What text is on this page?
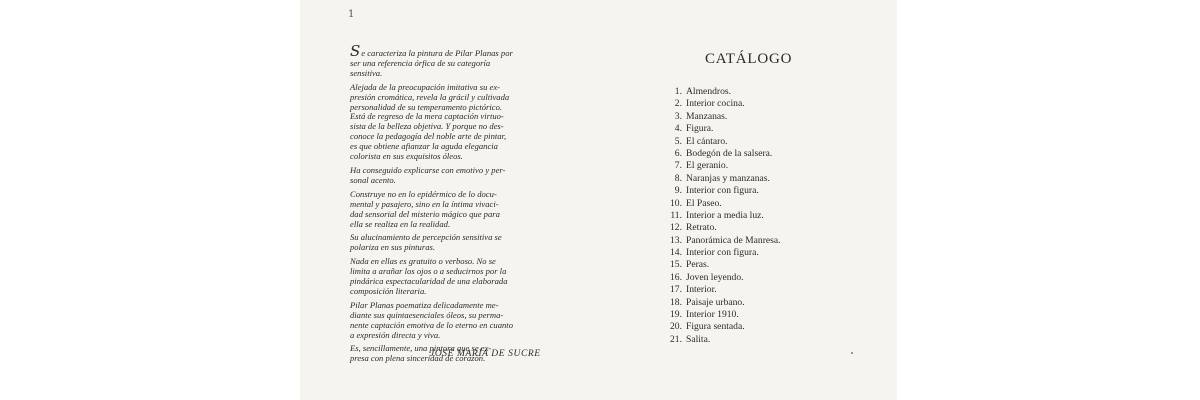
1
Se caracteriza la pintura de Pilar Planas por
ser una referencia órfica de su categoría
sensitiva.
Alejada de la preocupación imitativa su ex-
presión cromática, revela la grácil y cultivada
personalidad de su temperamento pictórico.
Está de regreso de la mera captación virtuo-
sista de la belleza objetiva. Y porque no des-
conoce la pedagogía del noble arte de pintar,
es que obtiene afianzar la aguda elegancia
colorista en sus exquisitos óleos.
Ha conseguido explicarse con emotivo y per-
sonal acento.
Construye no en lo epidérmico de lo docu-
mental y pasajero, sino en la íntima vivaci-
dad sensorial del misterio mágico que para
ella se realiza en la realidad.
Su alucinamiento de percepción sensitiva se
polariza en sus pinturas.
Nada en ellas es gratuito o verboso. No se
limita a arañar los ojos o a seducirnos por la
pindárica espectacularidad de una elaborada
composición literaria.
Pilar Planas poematiza delicadamente me-
diante sus quintaesenciales óleos, su perma-
nente captación emotiva de lo eterno en cuanto
a expresión directa y viva.
Es, sencillamente, una pintora que se ex-
presa con plena sinceridad de corazón.
JOSÉ MARÍA DE SUCRE
CATÁLOGO
1. Almendros.
2. Interior cocina.
3. Manzanas.
4. Figura.
5. El cántaro.
6. Bodegón de la salsera.
7. El geranio.
8. Naranjas y manzanas.
9. Interior con figura.
10. El Paseo.
11. Interior a media luz.
12. Retrato.
13. Panorámica de Manresa.
14. Interior con figura.
15. Peras.
16. Joven leyendo.
17. Interior.
18. Paisaje urbano.
19. Interior 1910.
20. Figura sentada.
21. Salita.
